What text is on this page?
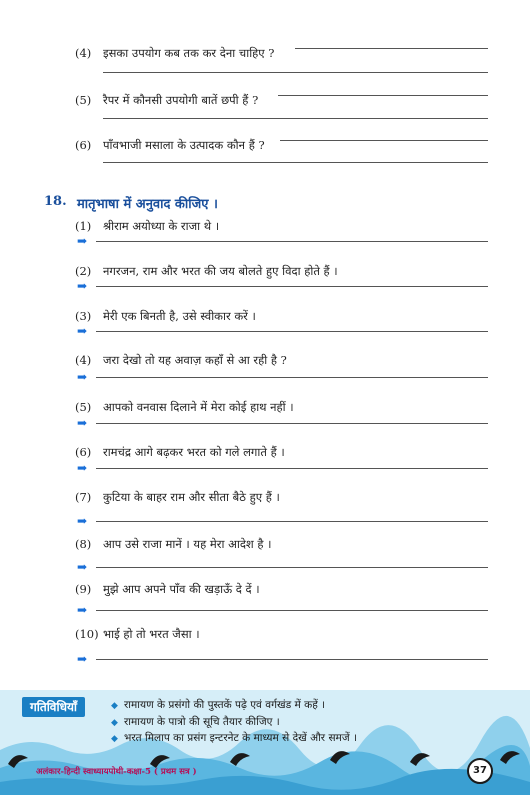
(4) इसका उपयोग कब तक कर देना चाहिए ?
(5) रैपर में कौनसी उपयोगी बातें छपी हैं ?
(6) पाँवभाजी मसाला के उत्पादक कौन हैं ?
18. मातृभाषा में अनुवाद कीजिए ।
(1) श्रीराम अयोध्या के राजा थे ।
➡
(2) नगरजन, राम और भरत की जय बोलते हुए विदा होते हैं ।
➡
(3) मेरी एक बिनती है, उसे स्वीकार करें ।
➡
(4) जरा देखो तो यह अवाज़ कहाँ से आ रही है ?
➡
(5) आपको वनवास दिलाने में मेरा कोई हाथ नहीं ।
➡
(6) रामचंद्र आगे बढ़कर भरत को गले लगाते हैं ।
➡
(7) कुटिया के बाहर राम और सीता बैठे हुए हैं ।
➡
(8) आप उसे राजा मानें । यह मेरा आदेश है ।
➡
(9) मुझे आप अपने पाँव की खड़ाऊँ दे दें ।
➡
(10) भाई हो तो भरत जैसा ।
➡
गतिविधियाँ	◆ रामायण के प्रसंगो की पुस्तकें पढ़े एवं वर्गखंड में कहें ।
◆ रामायण के पात्रो की सूचि तैयार कीजिए ।
◆ भरत मिलाप का प्रसंग इन्टरनेट के माध्यम से देखें और समजें ।
अलंकार-हिन्दी स्वाध्यायपोथी-कक्षा-5 ( प्रथम सत्र )	37
